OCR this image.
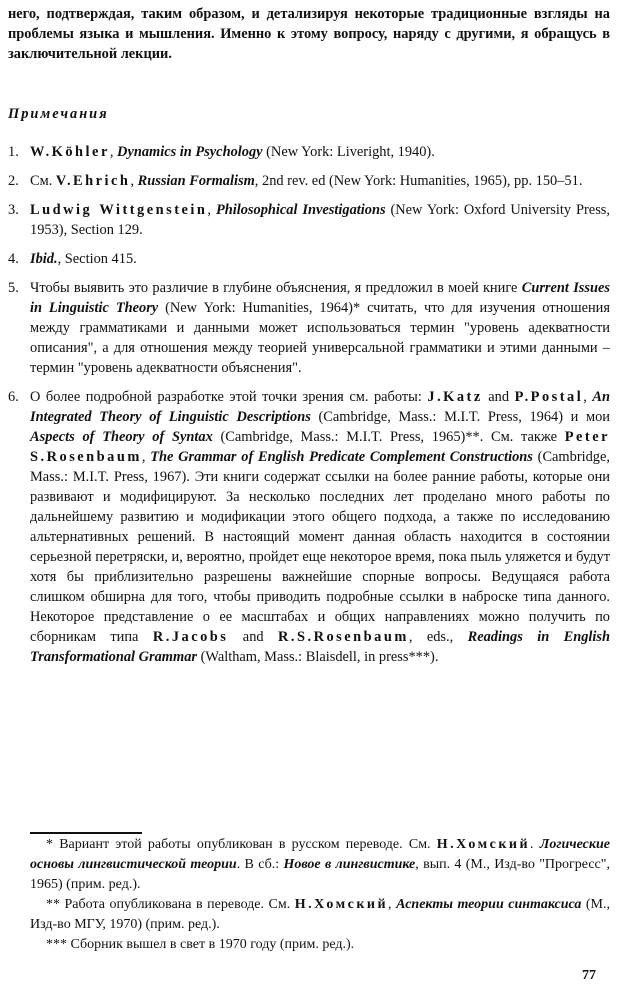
него, подтверждая, таким образом, и детализируя некоторые традиционные взгляды на проблемы языка и мышления. Именно к этому вопросу, наряду с другими, я обращусь в заключительной лекции.

Примечания
1. W.Köhler, Dynamics in Psychology (New York: Liveright, 1940).
2. См. V.Ehrich, Russian Formalism, 2nd rev. ed (New York: Humanities, 1965), pp. 150–51.
3. Ludwig Wittgenstein, Philosophical Investigations (New York: Oxford University Press, 1953), Section 129.
4. Ibid., Section 415.
5. Чтобы выявить это различие в глубине объяснения, я предложил в моей книге Current Issues in Linguistic Theory (New York: Humanities, 1964)* считать, что для изучения отношения между грамматиками и данными может использоваться термин "уровень адекватности описания", а для отношения между теорией универсальной грамматики и этими данными – термин "уровень адекватности объяснения".
6. О более подробной разработке этой точки зрения см. работы: J.Katz and P.Postal, An Integrated Theory of Linguistic Descriptions (Cambridge, Mass.: M.I.T. Press, 1964) и мои Aspects of Theory of Syntax (Cambridge, Mass.: M.I.T. Press, 1965)**. См. также Peter S.Rosenbaum, The Grammar of English Predicate Complement Constructions (Cambridge, Mass.: M.I.T. Press, 1967). Эти книги содержат ссылки на более ранние работы, которые они развивают и модифицируют. За несколько последних лет проделано много работы по дальнейшему развитию и модификации этого общего подхода, а также по исследованию альтернативных решений. В настоящий момент данная область находится в состоянии серьезной перетряски, и, вероятно, пройдет еще некоторое время, пока пыль уляжется и будут хотя бы приблизительно разрешены важнейшие спорные вопросы. Ведущаяся работа слишком обширна для того, чтобы приводить подробные ссылки в наброске типа данного. Некоторое представление о ее масштабах и общих направлениях можно получить по сборникам типа R.Jacobs and R.S.Rosenbaum, eds., Readings in English Transformational Grammar (Waltham, Mass.: Blaisdell, in press***).

* Вариант этой работы опубликован в русском переводе. См. Н.Хомский. Логические основы лингвистической теории. В сб.: Новое в лингвистике, вып. 4 (М., Изд-во "Прогресс", 1965) (прим. ред.).

** Работа опубликована в переводе. См. Н.Хомский, Аспекты теории синтаксиса (М., Изд-во МГУ, 1970) (прим. ред.).

*** Сборник вышел в свет в 1970 году (прим. ред.).

77
